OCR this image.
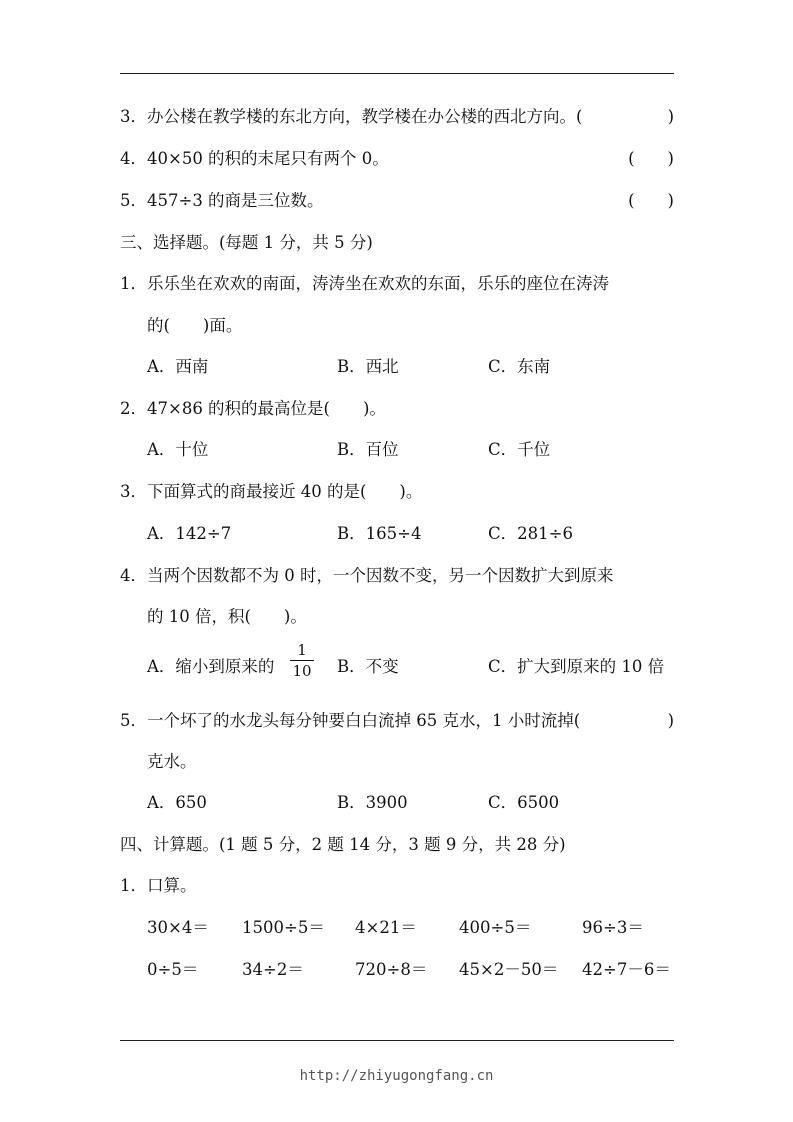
3．办公楼在教学楼的东北方向，教学楼在办公楼的西北方向。(	)
4．40×50 的积的末尾只有两个 0。	(　　)
5．457÷3 的商是三位数。	(　　)
三、选择题。(每题 1 分，共 5 分)
1．乐乐坐在欢欢的南面，涛涛坐在欢欢的东面，乐乐的座位在涛涛
的(　　)面。
A．西南	B．西北	C．东南
2．47×86 的积的最高位是(　　)。
A．十位	B．百位	C．千位
3．下面算式的商最接近 40 的是(　　)。
A．142÷7	B．165÷4	C．281÷6
4．当两个因数都不为 0 时，一个因数不变，另一个因数扩大到原来
的 10 倍，积(　　)。
A．缩小到原来的 $\frac{1}{10}$ B．不变	C．扩大到原来的 10 倍
5．一个坏了的水龙头每分钟要白白流掉 65 克水，1 小时流掉(	)
克水。
A．650	B．3900	C．6500
四、计算题。(1 题 5 分，2 题 14 分，3 题 9 分，共 28 分)
1．口算。
30×4＝ 1500÷5＝ 4×21＝	400÷5＝	96÷3＝
0÷5＝	34÷2＝	720÷8＝ 45×2－50＝ 42÷7－6＝
http://zhiyugongfang.cn
